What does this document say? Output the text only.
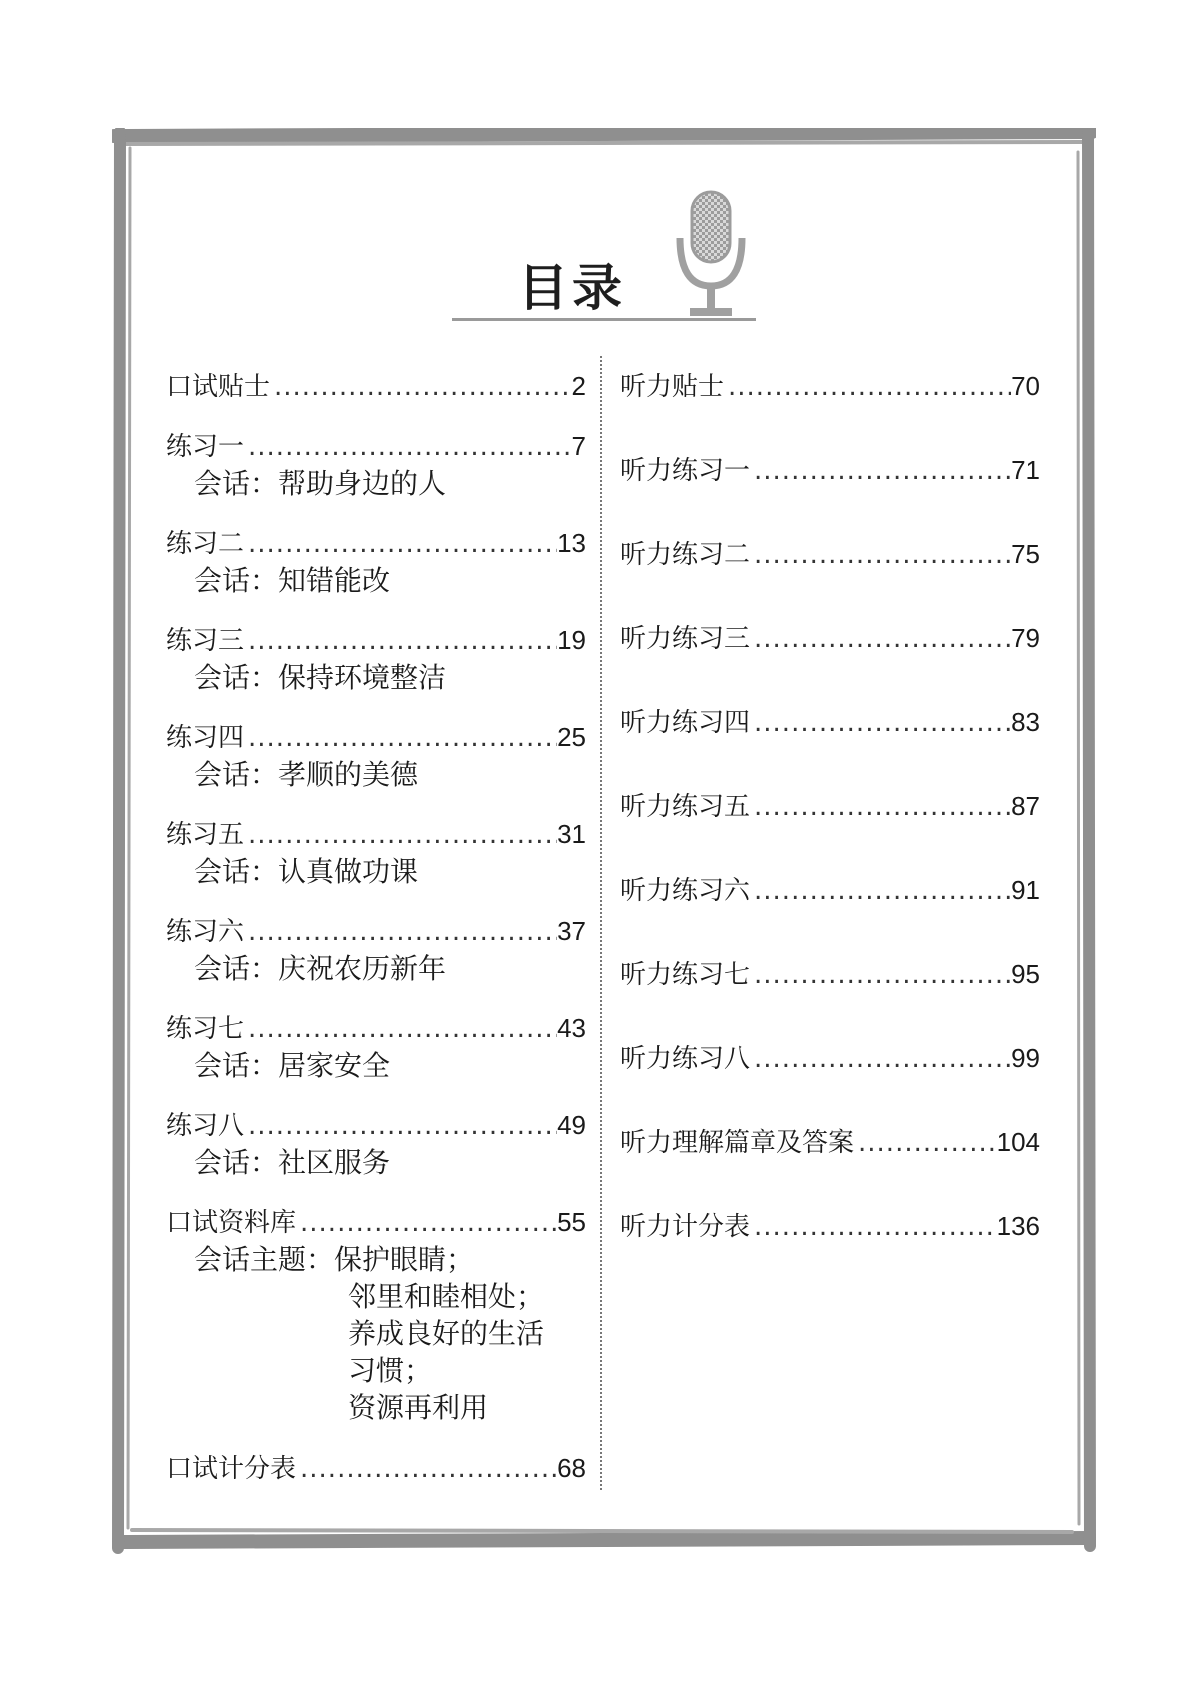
目录
口试贴士 .....	2
练习一 .....	7
会话：帮助身边的人
练习二 .....	13
会话：知错能改
练习三 .....	19
会话：保持环境整洁
练习四 .....	25
会话：孝顺的美德
练习五 .....	31
会话：认真做功课
练习六 .....	37
会话：庆祝农历新年
练习七 .....	43
会话：居家安全
练习八 .....	49
会话：社区服务
口试资料库 .....	55
会话主题：保护眼睛；
邻里和睦相处；
养成良好的生活
习惯；
资源再利用
口试计分表 .....	68
听力贴士 .....	70
听力练习一 .....	71
听力练习二 .....	75
听力练习三 .....	79
听力练习四 .....	83
听力练习五 .....	87
听力练习六 .....	91
听力练习七 .....	95
听力练习八 .....	99
听力理解篇章及答案 .....	104
听力计分表 .....	136
